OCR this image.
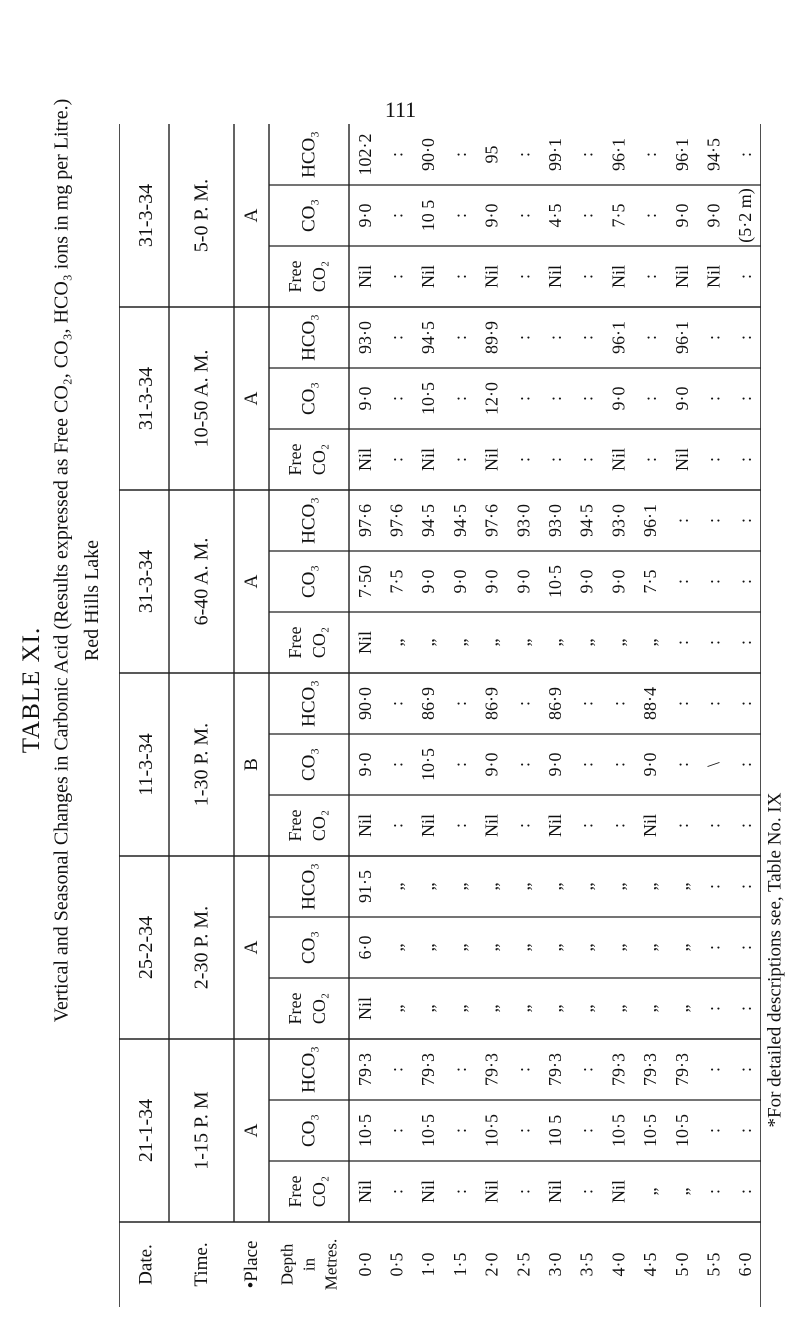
111
TABLE XI. Vertical and Seasonal Changes in Carbonic Acid (Results expressed as Free CO₂, CO₃, HCO₃ ions in mg per Litre.) Red Hills Lake
*For detailed descriptions see, Table No. IX
Date. Time. •Place Depth in Metres. 0·0 0·5 1·0 1·5 2·0 2·5 3·0 3·5 4·0 4·5 5·0 5·5 6·0
21-1-34 1-15 P. M A
Free CO₂ Nil : Nil : Nil : Nil : Nil „ „ : :
CO₃ 10·5 : 10·5 : 10·5 : 10 5 : 10·5 10·5 10·5 : :
HCO₃ 79·3 : 79·3 : 79·3 : 79·3 : 79·3 79·3 79·3 : :
25-2-34 2-30 P. M. A
Free CO₂ Nil „ „ „ „ „ „ „ „ „ „ : :
CO₃ 6·0 „ „ „ „ „ „ „ „ „ „ : :
HCO₃ 91·5 „ „ „ „ „ „ „ „ „ „ : :
11-3-34 1-30 P. M. B
Free CO₂ Nil : Nil : Nil : Nil : : Nil : : :
CO₃ 9·0 : 10·5 : 9·0 : 9·0 : : 9·0 : \ :
HCO₃ 90·0 : 86·9 : 86·9 : 86·9 : : 88·4 : : :
31-3-34 6-40 A. M. A
Free CO₂ Nil „ „ „ „ „ „ „ „ „ : : :
CO₃ 7·50 7·5 9·0 9·0 9·0 9·0 10·5 9·0 9·0 7·5 : : :
HCO₃ 97·6 97·6 94·5 94·5 97·6 93·0 93·0 94·5 93·0 96·1 : : :
31-3-34 10-50 A. M. A
Free CO₂ Nil : Nil : Nil : : : Nil : Nil : :
CO₃ 9·0 : 10·5 : 12·0 : : : 9·0 : 9·0 : :
HCO₃ 93·0 : 94·5 : 89·9 : : : 96·1 : 96·1 : :
31-3-34 5-0 P. M. A
Free CO₂ Nil : Nil : Nil : Nil : Nil : Nil Nil :
CO₃ 9·0 : 10 5 : 9·0 : 4·5 : 7·5 : 9·0 9·0 (5·2 m)
HCO₃ 102·2 : 90·0 : 95 : 99·1 : 96·1 : 96·1 94·5 :
